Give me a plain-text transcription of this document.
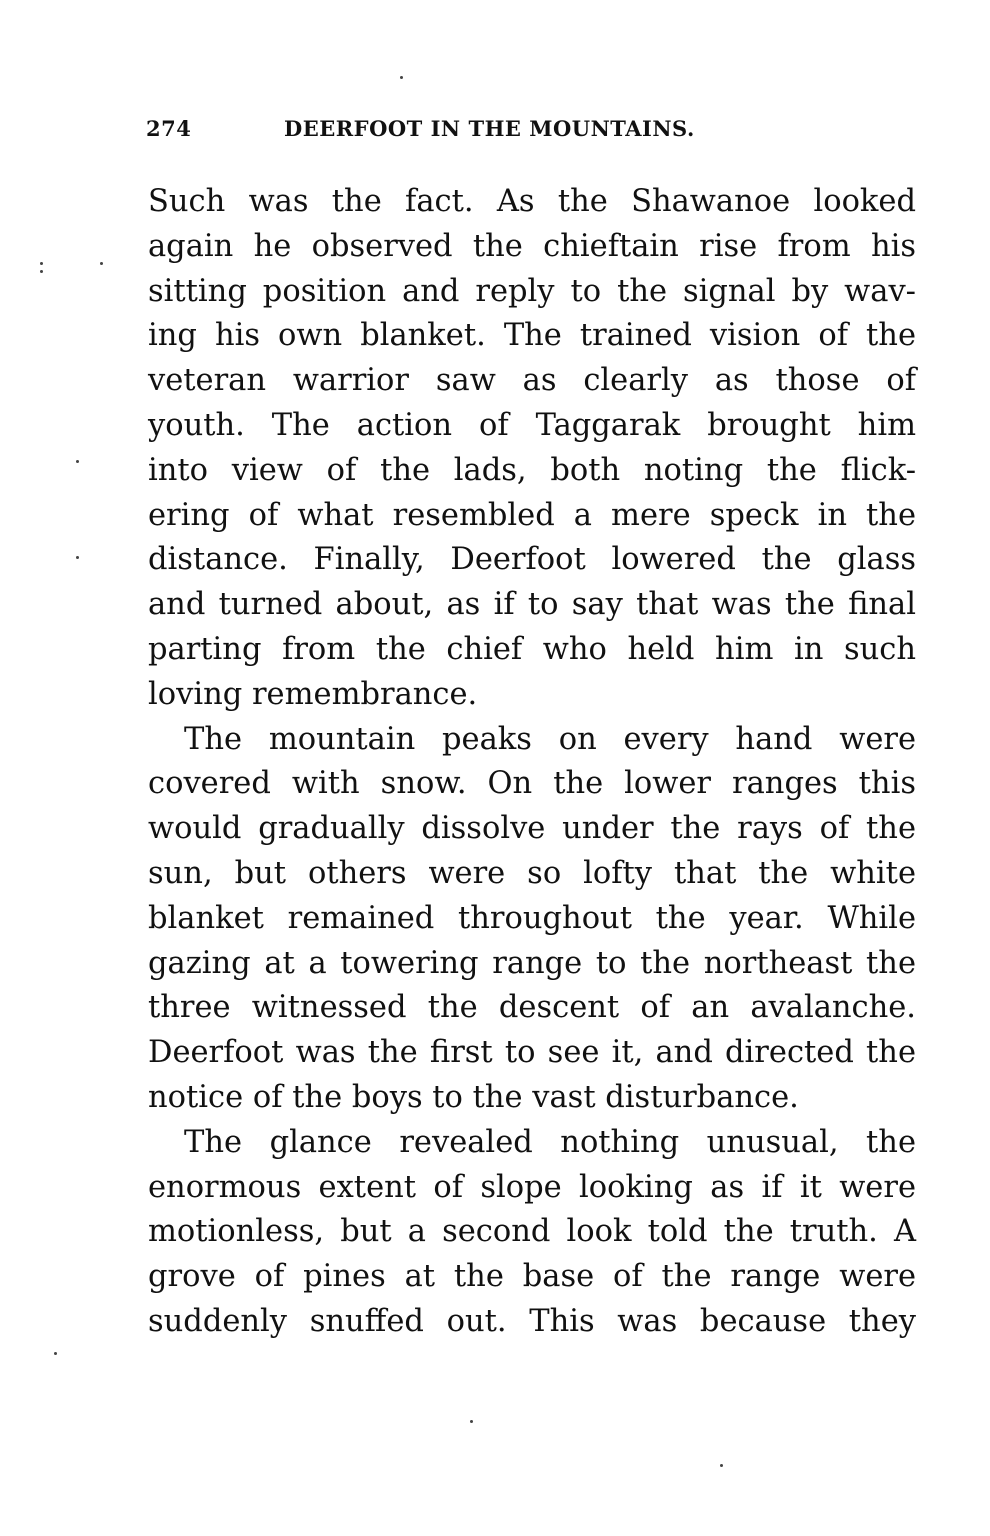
274	DEERFOOT IN THE MOUNTAINS.
Such was the fact. As the Shawanoe looked
again he observed the chieftain rise from his
sitting position and reply to the signal by wav-
ing his own blanket. The trained vision of the
veteran warrior saw as clearly as those of
youth. The action of Taggarak brought him
into view of the lads, both noting the flick-
ering of what resembled a mere speck in the
distance. Finally, Deerfoot lowered the glass
and turned about, as if to say that was the final
parting from the chief who held him in such
loving remembrance.
The mountain peaks on every hand were
covered with snow. On the lower ranges this
would gradually dissolve under the rays of the
sun, but others were so lofty that the white
blanket remained throughout the year. While
gazing at a towering range to the northeast the
three witnessed the descent of an avalanche.
Deerfoot was the first to see it, and directed the
notice of the boys to the vast disturbance.
The glance revealed nothing unusual, the
enormous extent of slope looking as if it were
motionless, but a second look told the truth. A
grove of pines at the base of the range were
suddenly snuffed out. This was because they
